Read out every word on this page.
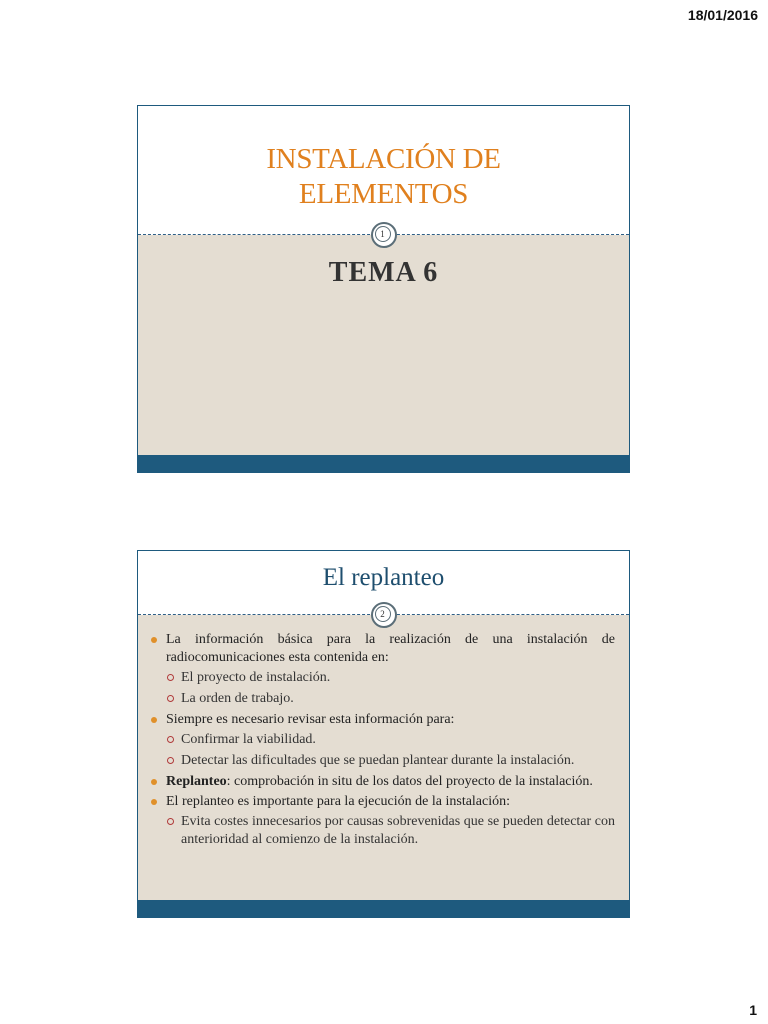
18/01/2016
INSTALACIÓN DE
ELEMENTOS
1
TEMA 6
El replanteo
2
La información básica para la realización de una instalación de radiocomunicaciones esta contenida en:
El proyecto de instalación.
La orden de trabajo.
Siempre es necesario revisar esta información para:
Confirmar la viabilidad.
Detectar las dificultades que se puedan plantear durante la instalación.
Replanteo: comprobación in situ de los datos del proyecto de la instalación.
El replanteo es importante para la ejecución de la instalación:
Evita costes innecesarios por causas sobrevenidas que se pueden detectar con anterioridad al comienzo de la instalación.
1
